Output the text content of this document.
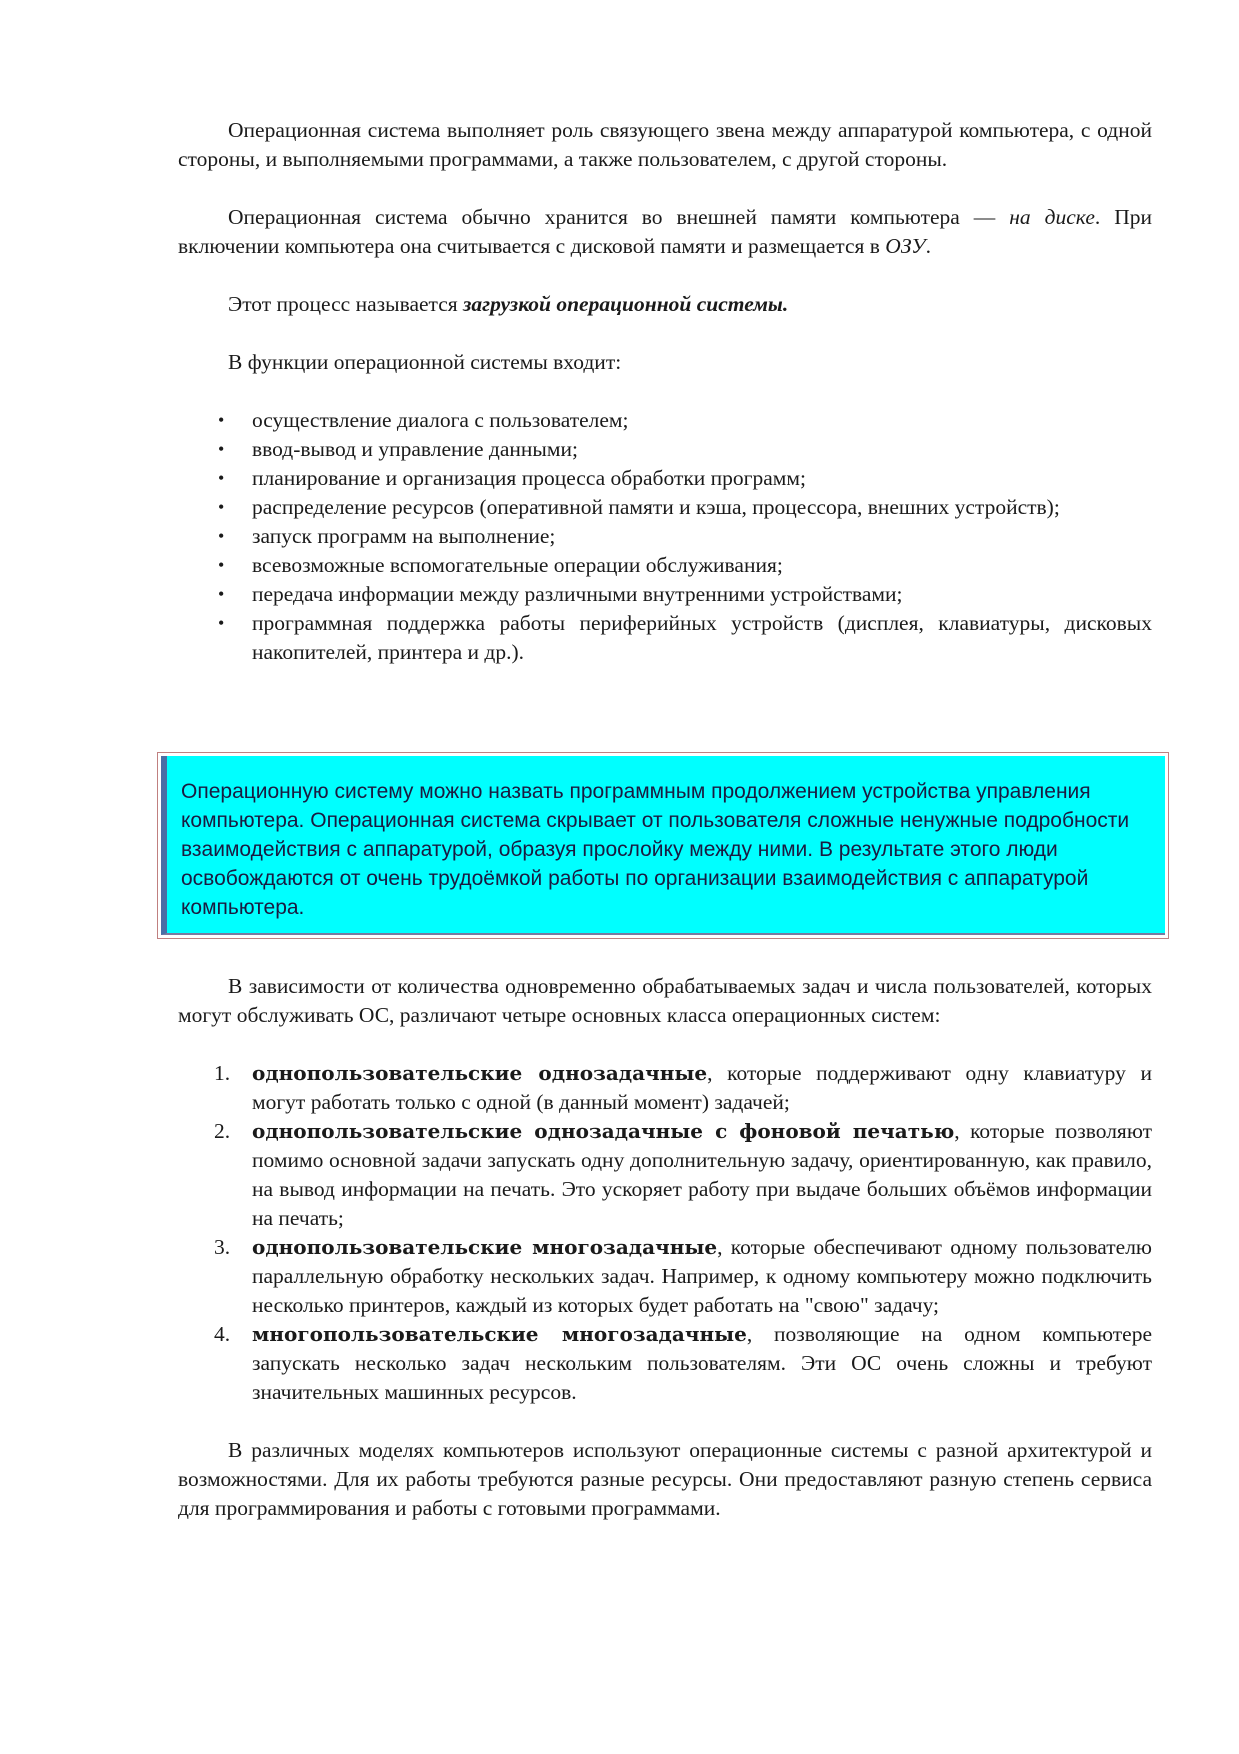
Операционная система выполняет роль связующего звена между аппаратурой компьютера, с одной стороны, и выполняемыми программами, а также пользователем, с другой стороны.

Операционная система обычно хранится во внешней памяти компьютера — на диске. При включении компьютера она считывается с дисковой памяти и размещается в ОЗУ.

Этот процесс называется загрузкой операционной системы.

В функции операционной системы входит:

• осуществление диалога с пользователем;
• ввод-вывод и управление данными;
• планирование и организация процесса обработки программ;
• распределение ресурсов (оперативной памяти и кэша, процессора, внешних устройств);
• запуск программ на выполнение;
• всевозможные вспомогательные операции обслуживания;
• передача информации между различными внутренними устройствами;
• программная поддержка работы периферийных устройств (дисплея, клавиатуры, дисковых накопителей, принтера и др.).
Операционную систему можно назвать программным продолжением устройства управления компьютера. Операционная система скрывает от пользователя сложные ненужные подробности взаимодействия с аппаратурой, образуя прослойку между ними. В результате этого люди освобождаются от очень трудоёмкой работы по организации взаимодействия с аппаратурой компьютера.

В зависимости от количества одновременно обрабатываемых задач и числа пользователей, которых могут обслуживать ОС, различают четыре основных класса операционных систем:

1. однопользовательские однозадачные, которые поддерживают одну клавиатуру и могут работать только с одной (в данный момент) задачей;
2. однопользовательские однозадачные с фоновой печатью, которые позволяют помимо основной задачи запускать одну дополнительную задачу, ориентированную, как правило, на вывод информации на печать. Это ускоряет работу при выдаче больших объёмов информации на печать;
3. однопользовательские многозадачные, которые обеспечивают одному пользователю параллельную обработку нескольких задач. Например, к одному компьютеру можно подключить несколько принтеров, каждый из которых будет работать на "свою" задачу;
4. многопользовательские многозадачные, позволяющие на одном компьютере запускать несколько задач нескольким пользователям. Эти ОС очень сложны и требуют значительных машинных ресурсов.

В различных моделях компьютеров используют операционные системы с разной архитектурой и возможностями. Для их работы требуются разные ресурсы. Они предоставляют разную степень сервиса для программирования и работы с готовыми программами.
